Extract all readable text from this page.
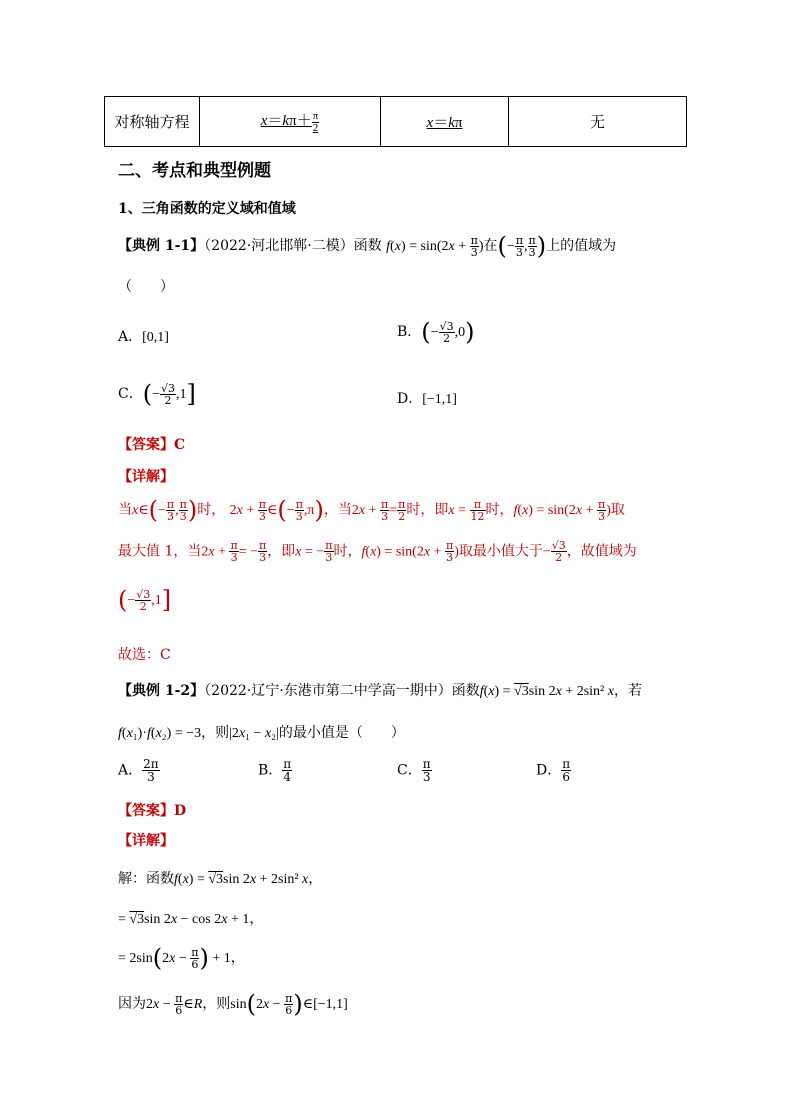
对称轴方程	$x=k\pi+ \frac{\pi}{2}$	x＝kπ	无
二、考点和典型例题
1、三角函数的定义域和值域
【典例 1-1】（2022·河北邯郸·二模）函数 $f(x) = \sin(2x + \frac{\pi}{3}$ )在(− $\frac{\pi}{3}$ , $\frac{\pi}{3}$ )上的值域为
（　　）
A．[0,1]	B．(− $\frac{√3}{2} ,0$)
C．(− $\frac{√3}{2} ,1$]	D．[−1,1]
【答案】C
【详解】
当x∈(− $\frac{\pi}{3}$ , $\frac{\pi}{3}$ )时， $2x + \frac{\pi}{3}$ ∈(− $\frac{\pi}{3} ,\pi$)，当$2x + \frac{\pi}{3} = \frac{\pi}{2}$ 时，即$x = \frac{\pi}{12}$ 时，$f(x) = \sin(2x + \frac{\pi}{3}$ )取
最大值 1，当$2x + \frac{\pi}{3}$ = − $\frac{\pi}{3}$ ，即x = − $\frac{\pi}{3}$ 时，$f(x) = \sin(2x + \frac{\pi}{3}$ )取最小值大于− $\frac{√3}{2}$ ，故值域为
(− $\frac{√3}{2} ,1$]
故选：C
【典例 1-2】（2022·辽宁·东港市第二中学高一期中）函数f(x) = √3sin 2x + 2sin² x，若
f(x₁)·f(x₂) = −3，则|2x₁ − x₂|的最小值是（　　）
A． $\frac{2\pi}{3}$	B． $\frac{\pi}{4}$	C． $\frac{\pi}{3}$	D． $\frac{\pi}{6}$
【答案】D
【详解】
解：函数f(x) = √3sin 2x + 2sin² x，
= √3sin 2x − cos 2x + 1，
= $2\sin(2x - \frac{\pi}{6}$ ) + 1，
因为$2x - \frac{\pi}{6}$ ∈R，则$\sin(2x - \frac{\pi}{6}$ )∈[−1,1]
